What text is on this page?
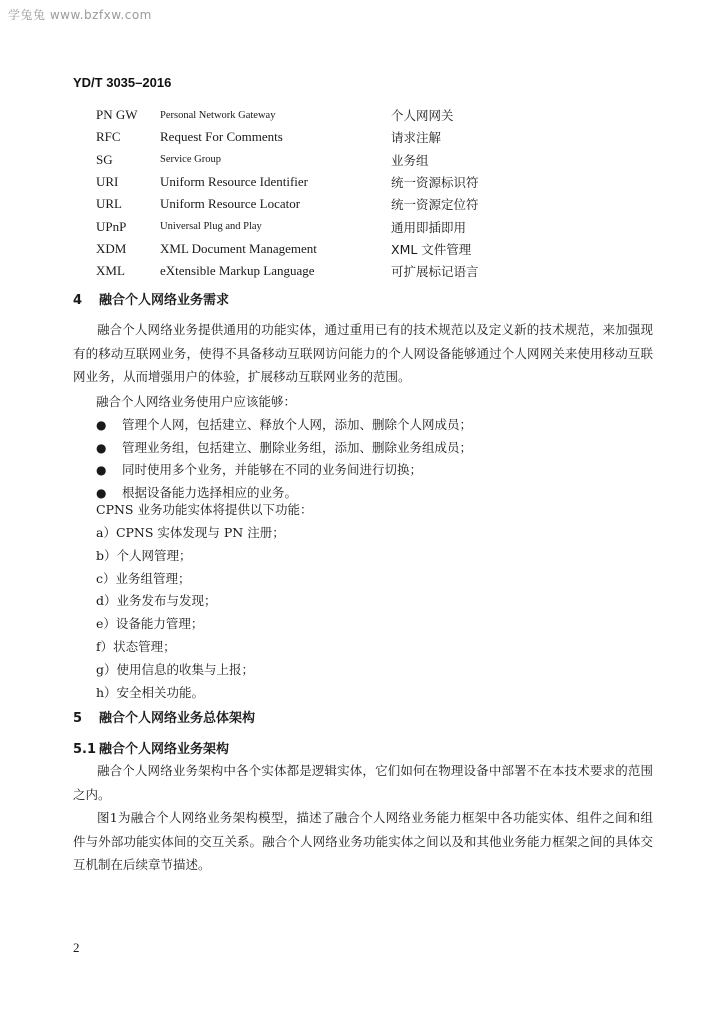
学兔兔 www.bzfxw.com
YD/T 3035–2016
PN GW	Personal Network Gateway	个人网网关
RFC	Request For Comments	请求注解
SG	Service Group	业务组
URI	Uniform Resource Identifier	统一资源标识符
URL	Uniform Resource Locator	统一资源定位符
UPnP	Universal Plug and Play	通用即插即用
XDM	XML Document Management	XML 文件管理
XML	eXtensible Markup Language	可扩展标记语言
4 融合个人网络业务需求
融合个人网络业务提供通用的功能实体，通过重用已有的技术规范以及定义新的技术规范，来加强现有的移动互联网业务，使得不具备移动互联网访问能力的个人网设备能够通过个人网网关来使用移动互联网业务，从而增强用户的体验，扩展移动互联网业务的范围。
融合个人网络业务使用户应该能够：
● 管理个人网，包括建立、释放个人网，添加、删除个人网成员；
● 管理业务组，包括建立、删除业务组，添加、删除业务组成员；
● 同时使用多个业务，并能够在不同的业务间进行切换；
● 根据设备能力选择相应的业务。
CPNS 业务功能实体将提供以下功能：
a）CPNS 实体发现与 PN 注册；
b）个人网管理；
c）业务组管理；
d）业务发布与发现；
e）设备能力管理；
f）状态管理；
g）使用信息的收集与上报；
h）安全相关功能。
5 融合个人网络业务总体架构
5.1 融合个人网络业务架构
融合个人网络业务架构中各个实体都是逻辑实体，它们如何在物理设备中部署不在本技术要求的范围之内。
图1为融合个人网络业务架构模型，描述了融合个人网络业务能力框架中各功能实体、组件之间和组件与外部功能实体间的交互关系。融合个人网络业务功能实体之间以及和其他业务能力框架之间的具体交互机制在后续章节描述。
2
